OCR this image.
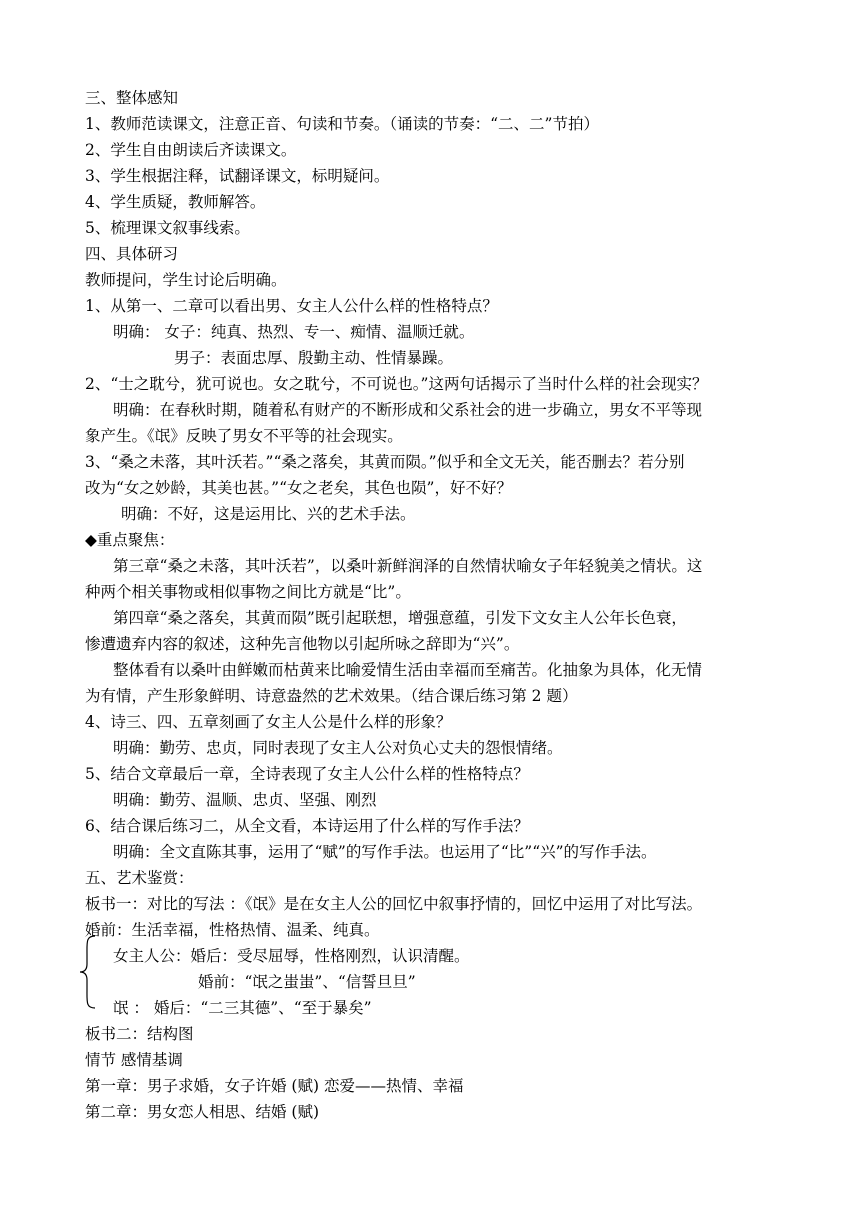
三、整体感知
1、教师范读课文，注意正音、句读和节奏。（诵读的节奏：“二、二”节拍）
2、学生自由朗读后齐读课文。
3、学生根据注释，试翻译课文，标明疑问。
4、学生质疑，教师解答。
5、梳理课文叙事线索。
四、具体研习
教师提问，学生讨论后明确。
1、从第一、二章可以看出男、女主人公什么样的性格特点？
明确： 女子：纯真、热烈、专一、痴情、温顺迁就。
男子：表面忠厚、殷勤主动、性情暴躁。
2、“士之耽兮，犹可说也。女之耽兮，不可说也。”这两句话揭示了当时什么样的社会现实？
明确：在春秋时期，随着私有财产的不断形成和父系社会的进一步确立，男女不平等现
象产生。《氓》反映了男女不平等的社会现实。
3、“桑之未落，其叶沃若。”“桑之落矣，其黄而陨。”似乎和全文无关，能否删去？若分别
改为“女之妙龄，其美也甚。”“女之老矣，其色也陨”，好不好？
明确：不好，这是运用比、兴的艺术手法。
◆重点聚焦：
第三章“桑之未落，其叶沃若”，以桑叶新鲜润泽的自然情状喻女子年轻貌美之情状。这
种两个相关事物或相似事物之间比方就是“比”。
第四章“桑之落矣，其黄而陨”既引起联想，增强意蕴，引发下文女主人公年长色衰，
惨遭遗弃内容的叙述，这种先言他物以引起所咏之辞即为“兴”。
整体看有以桑叶由鲜嫩而枯黄来比喻爱情生活由幸福而至痛苦。化抽象为具体，化无情
为有情，产生形象鲜明、诗意盎然的艺术效果。（结合课后练习第 2 题）
4、诗三、四、五章刻画了女主人公是什么样的形象？
明确：勤劳、忠贞，同时表现了女主人公对负心丈夫的怨恨情绪。
5、结合文章最后一章，全诗表现了女主人公什么样的性格特点？
明确：勤劳、温顺、忠贞、坚强、刚烈
6、结合课后练习二，从全文看，本诗运用了什么样的写作手法？
明确：全文直陈其事，运用了“赋”的写作手法。也运用了“比”“兴”的写作手法。
五、艺术鉴赏：
板书一：对比的写法 ：《氓》是在女主人公的回忆中叙事抒情的，回忆中运用了对比写法。
婚前：生活幸福，性格热情、温柔、纯真。
女主人公：婚后：受尽屈辱，性格刚烈，认识清醒。
婚前：“氓之蚩蚩”、“信誓旦旦”
氓 ： 婚后：“二三其德”、“至于暴矣”
板书二：结构图
情节 感情基调
第一章：男子求婚，女子许婚 (赋) 恋爱——热情、幸福
第二章：男女恋人相思、结婚 (赋)
